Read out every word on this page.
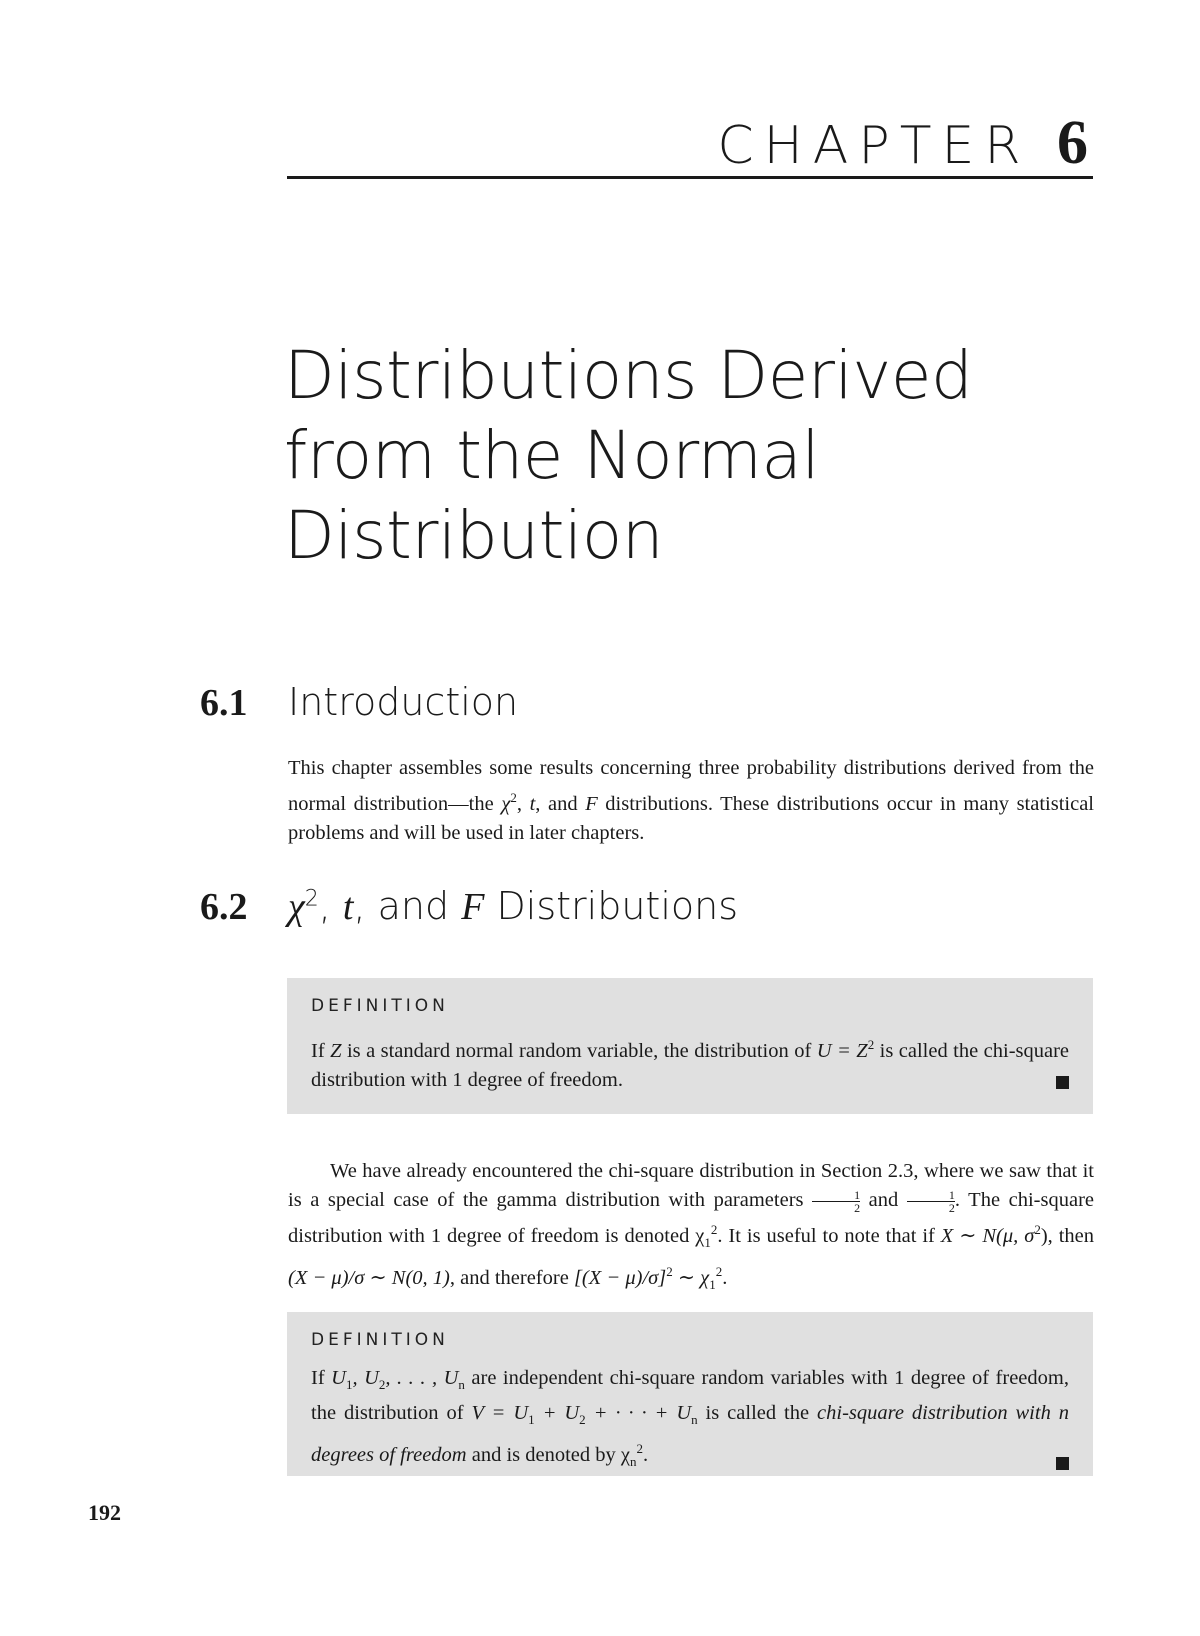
CHAPTER 6
Distributions Derived
from the Normal
Distribution
6.1 Introduction

This chapter assembles some results concerning three probability distributions derived from the normal distribution—the $\chi^2$, t, and F distributions. These distributions occur in many statistical problems and will be used in later chapters.

6.2 $\chi^2$, t, and F Distributions
DEFINITION
If Z is a standard normal random variable, the distribution of $U = Z^2$ is called the chi-square distribution with 1 degree of freedom.

We have already encountered the chi-square distribution in Section 2.3, where we saw that it is a special case of the gamma distribution with parameters $\frac{1}{2}$ and $\frac{1}{2}$ . The chi-square distribution with 1 degree of freedom is denoted $\chi_1^2$. It is useful to note that if X ∼ N(μ, $\sigma^2$), then (X − μ)/σ ∼ N(0, 1), and therefore $[(X - \mu)/\sigma]^2$ ∼ $\chi_1^2$.

DEFINITION
If $U_1$, $U_2$, . . . , $U_n$ are independent chi-square random variables with 1 degree of freedom, the distribution of $V = U_1 + U_2$ + · · · + $U_n$ is called the chi-square distribution with n degrees of freedom and is denoted by $\chi_n^2$.
192
